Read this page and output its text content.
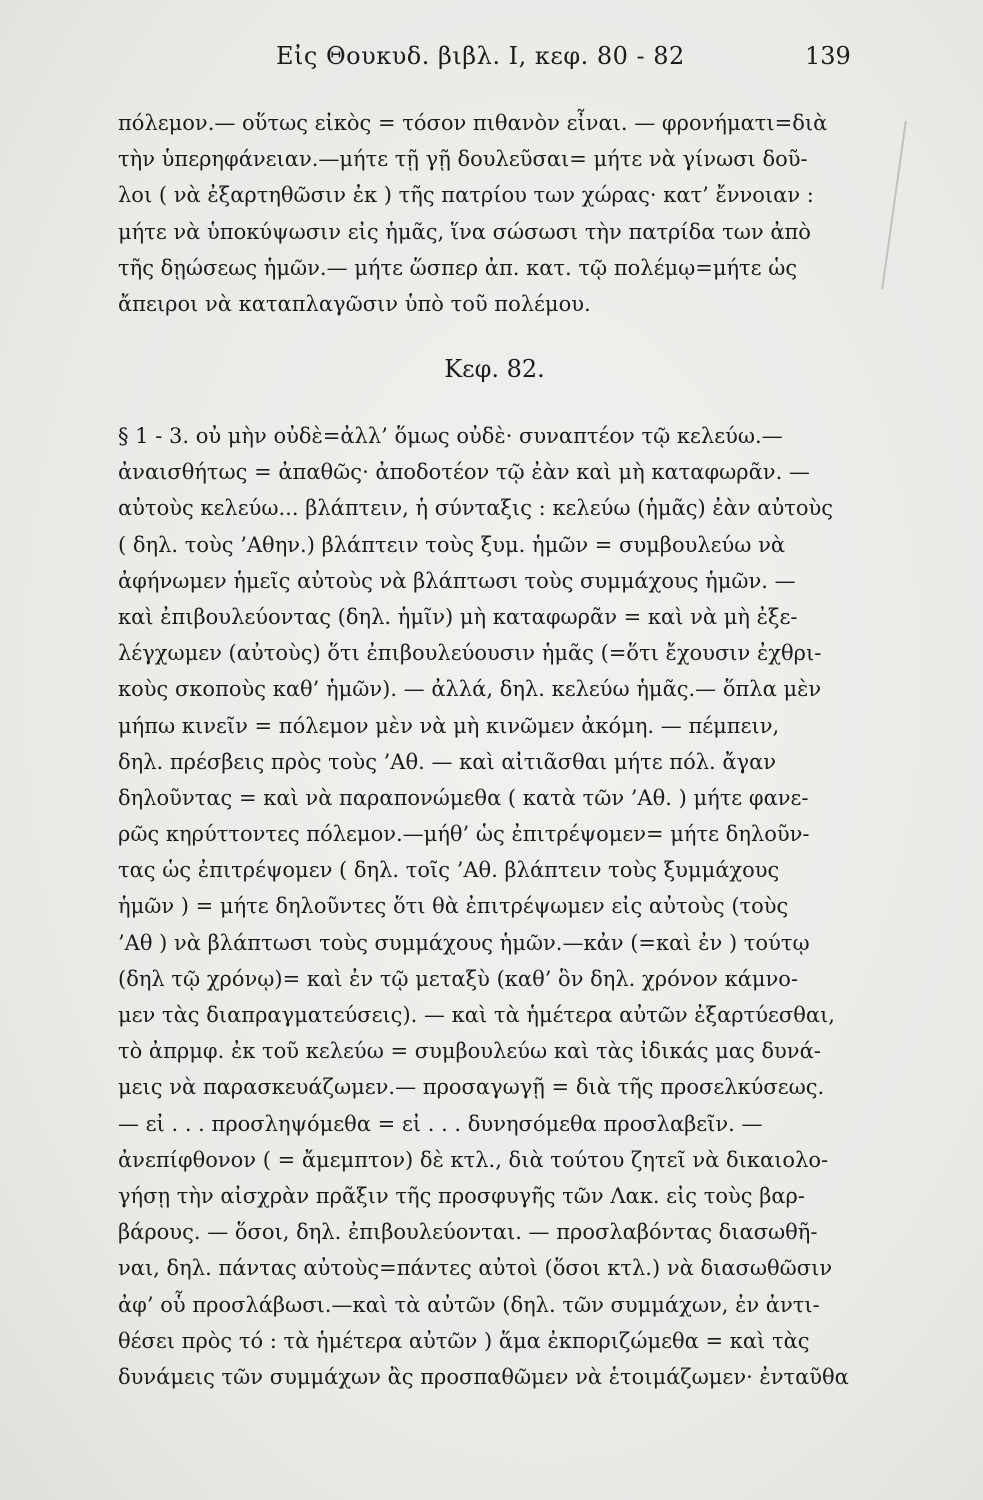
Εἰς Θουκυδ. βιβλ. Ι, κεφ. 80 - 82	139
πόλεμον.— οὕτως εἰκὸς = τόσον πιθανὸν εἶναι. — φρονήματι=διὰ
τὴν ὑπερηφάνειαν.—μήτε τῇ γῇ δουλεῦσαι= μήτε νὰ γίνωσι δοῦ-
λοι ( νὰ ἐξαρτηθῶσιν ἐκ ) τῆς πατρίου των χώρας· κατ’ ἔννοιαν :
μήτε νὰ ὑποκύψωσιν εἰς ἡμᾶς, ἵνα σώσωσι τὴν πατρίδα των ἀπὸ
τῆς δῃώσεως ἡμῶν.— μήτε ὥσπερ ἀπ. κατ. τῷ πολέμῳ=μήτε ὡς
ἄπειροι νὰ καταπλαγῶσιν ὑπὸ τοῦ πολέμου.
Κεφ. 82.
§ 1 - 3. οὐ μὴν οὐδὲ=ἀλλ’ ὅμως οὐδὲ· συναπτέον τῷ κελεύω.—
ἀναισθήτως = ἀπαθῶς· ἀποδοτέον τῷ ἐὰν καὶ μὴ καταφωρᾶν. —
αὐτοὺς κελεύω... βλάπτειν, ἡ σύνταξις : κελεύω (ἡμᾶς) ἐὰν αὐτοὺς
( δηλ. τοὺς ’Αθην.) βλάπτειν τοὺς ξυμ. ἡμῶν = συμβουλεύω νὰ
ἀφήνωμεν ἡμεῖς αὐτοὺς νὰ βλάπτωσι τοὺς συμμάχους ἡμῶν. —
καὶ ἐπιβουλεύοντας (δηλ. ἡμῖν) μὴ καταφωρᾶν = καὶ νὰ μὴ ἐξε-
λέγχωμεν (αὐτοὺς) ὅτι ἐπιβουλεύουσιν ἡμᾶς (=ὅτι ἔχουσιν ἐχθρι-
κοὺς σκοποὺς καθ’ ἡμῶν). — ἀλλά, δηλ. κελεύω ἡμᾶς.— ὅπλα μὲν
μήπω κινεῖν = πόλεμον μὲν νὰ μὴ κινῶμεν ἀκόμη. — πέμπειν,
δηλ. πρέσβεις πρὸς τοὺς ’Αθ. — καὶ αἰτιᾶσθαι μήτε πόλ. ἄγαν
δηλοῦντας = καὶ νὰ παραπονώμεθα ( κατὰ τῶν ’Αθ. ) μήτε φανε-
ρῶς κηρύττοντες πόλεμον.—μήθ’ ὡς ἐπιτρέψομεν= μήτε δηλοῦν-
τας ὡς ἐπιτρέψομεν ( δηλ. τοῖς ’Αθ. βλάπτειν τοὺς ξυμμάχους
ἡμῶν ) = μήτε δηλοῦντες ὅτι θὰ ἐπιτρέψωμεν εἰς αὐτοὺς (τοὺς
’Αθ ) νὰ βλάπτωσι τοὺς συμμάχους ἡμῶν.—κἀν (=καὶ ἐν ) τούτῳ
(δηλ τῷ χρόνῳ)= καὶ ἐν τῷ μεταξὺ (καθ’ ὃν δηλ. χρόνον κάμνο-
μεν τὰς διαπραγματεύσεις). — καὶ τὰ ἡμέτερα αὐτῶν ἐξαρτύεσθαι,
τὸ ἀπρμφ. ἐκ τοῦ κελεύω = συμβουλεύω καὶ τὰς ἰδικάς μας δυνά-
μεις νὰ παρασκευάζωμεν.— προσαγωγῇ = διὰ τῆς προσελκύσεως.
— εἰ . . . προσληψόμεθα = εἰ . . . δυνησόμεθα προσλαβεῖν. —
ἀνεπίφθονον ( = ἄμεμπτον) δὲ κτλ., διὰ τούτου ζητεῖ νὰ δικαιολο-
γήσῃ τὴν αἰσχρὰν πρᾶξιν τῆς προσφυγῆς τῶν Λακ. εἰς τοὺς βαρ-
βάρους. — ὅσοι, δηλ. ἐπιβουλεύονται. — προσλαβόντας διασωθῆ-
ναι, δηλ. πάντας αὐτοὺς=πάντες αὐτοὶ (ὅσοι κτλ.) νὰ διασωθῶσιν
ἀφ’ οὗ προσλάβωσι.—καὶ τὰ αὐτῶν (δηλ. τῶν συμμάχων, ἐν ἀντι-
θέσει πρὸς τό : τὰ ἡμέτερα αὐτῶν ) ἅμα ἐκποριζώμεθα = καὶ τὰς
δυνάμεις τῶν συμμάχων ἂς προσπαθῶμεν νὰ ἑτοιμάζωμεν· ἐνταῦθα
